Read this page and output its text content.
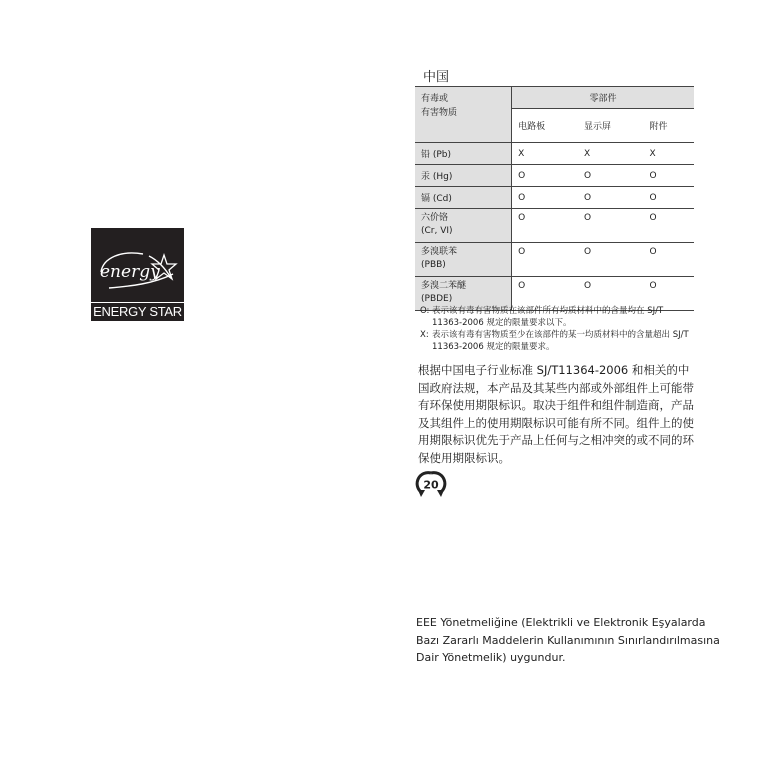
energy
ENERGY STAR
中国
有毒或
有害物质	零部件		
	电路板	显示屏	附件
铅 (Pb)	X	X	X
汞 (Hg)	O	O	O
镉 (Cd)	O	O	O
六价铬
(Cr, VI)	O	O	O
多溴联苯
(PBB)	O	O	O
多溴二苯醚
(PBDE)	O	O	O
O: 表示该有毒有害物质在该部件所有均质材料中的含量均在 SJ/T 11363-2006 规定的限量要求以下。
X: 表示该有毒有害物质至少在该部件的某一均质材料中的含量超出 SJ/T 11363-2006 规定的限量要求。
根据中国电子行业标准 SJ/T11364-2006 和相关的中国政府法规，本产品及其某些内部或外部组件上可能带有环保使用期限标识。取决于组件和组件制造商，产品及其组件上的使用期限标识可能有所不同。组件上的使用期限标识优先于产品上任何与之相冲突的或不同的环保使用期限标识。
20
EEE Yönetmeliğine (Elektrikli ve Elektronik Eşyalarda Bazı Zararlı Maddelerin Kullanımının Sınırlandırılmasına Dair Yönetmelik) uygundur.
